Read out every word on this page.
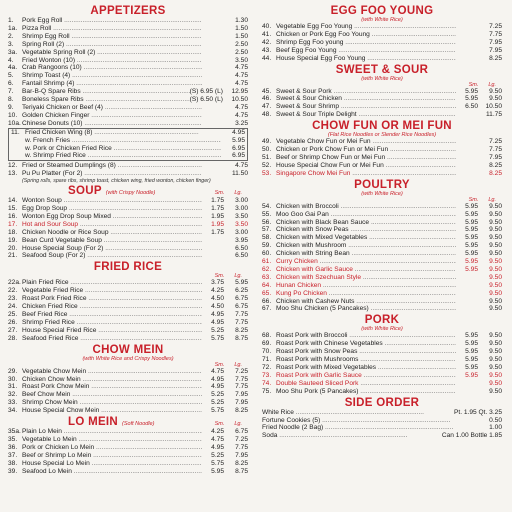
APPETIZERS
1.	Pork Egg Roll .....	1.30
1a. Pizza Roll .....	1.50
2.	Shrimp Egg Roll .....	1.50
3.	Spring Roll (2) .....	2.50
3a. Vegetable Spring Roll (2) .....	2.50
4.	Fried Wonton (10) .....	3.50
4a. Crab Rangoons (10) .....	4.75
5.	Shrimp Toast (4) .....	4.75
6.	Fantail Shrimp (4) .....	4.75
7.	Bar-B-Q Spare Ribs .....	(S) 6.95 (L)	12.95
8.	Boneless Spare Ribs .....	(S) 6.50 (L)	10.50
9.	Teriyaki Chicken or Beef (4) .....	4.75
10. Golden Chicken Finger .....	4.75
10a. Chinese Donuts (10) .....	3.25
11. Fried Chicken Wing (8) .....	4.95
w. French Fries .....	5.95
w. Pork or Chicken Fried Rice .....	6.95
w. Shrimp Fried Rice .....	6.95
12. Fried or Steamed Dumplings (8) .....	4.75
13. Pu Pu Platter (For 2) .....	11.50
(Spring rolls, spare ribs, shrimp toast, chicken wing, fried wonton, chicken finger)
SOUP (with Crispy Noodle)	Sm. Lg.
14. Wonton Soup .....	1.75	3.00
15. Egg Drop Soup .....	1.75	3.00
16. Wonton Egg Drop Soup Mixed .....	1.95	3.50
17. Hot and Sour Soup .....	1.95	3.50
18. Chicken Noodle or Rice Soup .....	1.75	3.00
19. Bean Curd Vegetable Soup .....	3.95
20. House Special Soup (For 2) .....	6.50
21. Seafood Soup (For 2) .....	6.50
FRIED RICE
Sm. Lg.
22a. Plain Fried Rice .....	3.75	5.95
22. Vegetable Fried Rice .....	4.25	6.25
23. Roast Pork Fried Rice .....	4.50	6.75
24. Chicken Fried Rice .....	4.50	6.75
25. Beef Fried Rice .....	4.95	7.75
26. Shrimp Fried Rice .....	4.95	7.75
27. House Special Fried Rice .....	5.25	8.25
28. Seafood Fried Rice .....	5.75	8.75
CHOW MEIN
(with White Rice and Crispy Noodles)
Sm. Lg.
29. Vegetable Chow Mein .....	4.75	7.25
30. Chicken Chow Mein .....	4.95	7.75
31. Roast Pork Chow Mein .....	4.95	7.75
32. Beef Chow Mein .....	5.25	7.95
33. Shrimp Chow Mein .....	5.25	7.95
34. House Special Chow Mein .....	5.75	8.25
LO MEIN (Soft Noodle)	Sm. Lg.
35a. Plain Lo Mein .....	4.25	6.75
35. Vegetable Lo Mein .....	4.75	7.25
36. Pork or Chicken Lo Mein .....	4.95	7.75
37. Beef or Shrimp Lo Mein .....	5.25	7.95
38. House Special Lo Mein .....	5.75	8.25
39. Seafood Lo Mein .....	5.95	8.75
EGG FOO YOUNG
(with White Rice)
40. Vegetable Egg Foo Young .....	7.25
41. Chicken or Pork Egg Foo Young .....	7.75
42. Shrimp Egg Foo young .....	7.95
43. Beef Egg Foo Young .....	7.95
44. House Special Egg Foo Young .....	8.25
SWEET & SOUR
(with White Rice)
Sm. Lg.
45. Sweet & Sour Pork .....	5.95	9.50
46. Sweet & Sour Chicken .....	5.95	9.50
47. Sweet & Sour Shrimp .....	6.50	10.50
48. Sweet & Sour Triple Delight .....	11.75
CHOW FUN OR MEI FUN
(Flat Rice Noodles or Slender Rice Noodles)
49. Vegetable Chow Fun or Mei Fun .....	7.25
50. Chicken or Pork Chow Fun or Mei Fun .....	7.75
51. Beef or Shrimp Chow Fun or Mei Fun .....	7.95
52. House Special Chow Fun or Mei Fun .....	8.25
53. Singapore Chow Mei Fun .....	8.25
POULTRY
(with White Rice)
Sm. Lg.
54. Chicken with Broccoli .....	5.95	9.50
55. Moo Goo Gai Pan .....	5.95	9.50
56. Chicken with Black Bean Sauce .....	5.95	9.50
57. Chicken with Snow Peas .....	5.95	9.50
58. Chicken with Mixed Vegetables .....	5.95	9.50
59. Chicken with Mushroom .....	5.95	9.50
60. Chicken with String Bean .....	5.95	9.50
61. Curry Chicken .....	5.95	9.50
62. Chicken with Garlic Sauce .....	5.95	9.50
63. Chicken with Szechuan Style .....	9.50
64. Hunan Chicken .....	9.50
65. Kung Po Chicken .....	9.50
66. Chicken with Cashew Nuts .....	9.50
67. Moo Shu Chicken (5 Pancakes) .....	9.50
PORK
(with White Rice)
68. Roast Pork with Broccoli .....	5.95	9.50
69. Roast Pork with Chinese Vegetables .....	5.95	9.50
70. Roast Pork with Snow Peas .....	5.95	9.50
71. Roast Pork with Mushrooms .....	5.95	9.50
72. Roast Pork with Mixed Vegetables .....	5.95	9.50
73. Roast Pork with Garlic Sauce .....	5.95	9.50
74. Double Sauteed Sliced Pork .....	9.50
75. Moo Shu Pork (5 Pancakes) .....	9.50
SIDE ORDER
White Rice .....	Pt. 1.95 Qt. 3.25
Fortune Cookies (5) .....	0.50
Fried Noodle (2 Bag) .....	1.00
Soda .....	Can 1.00 Bottle 1.85
